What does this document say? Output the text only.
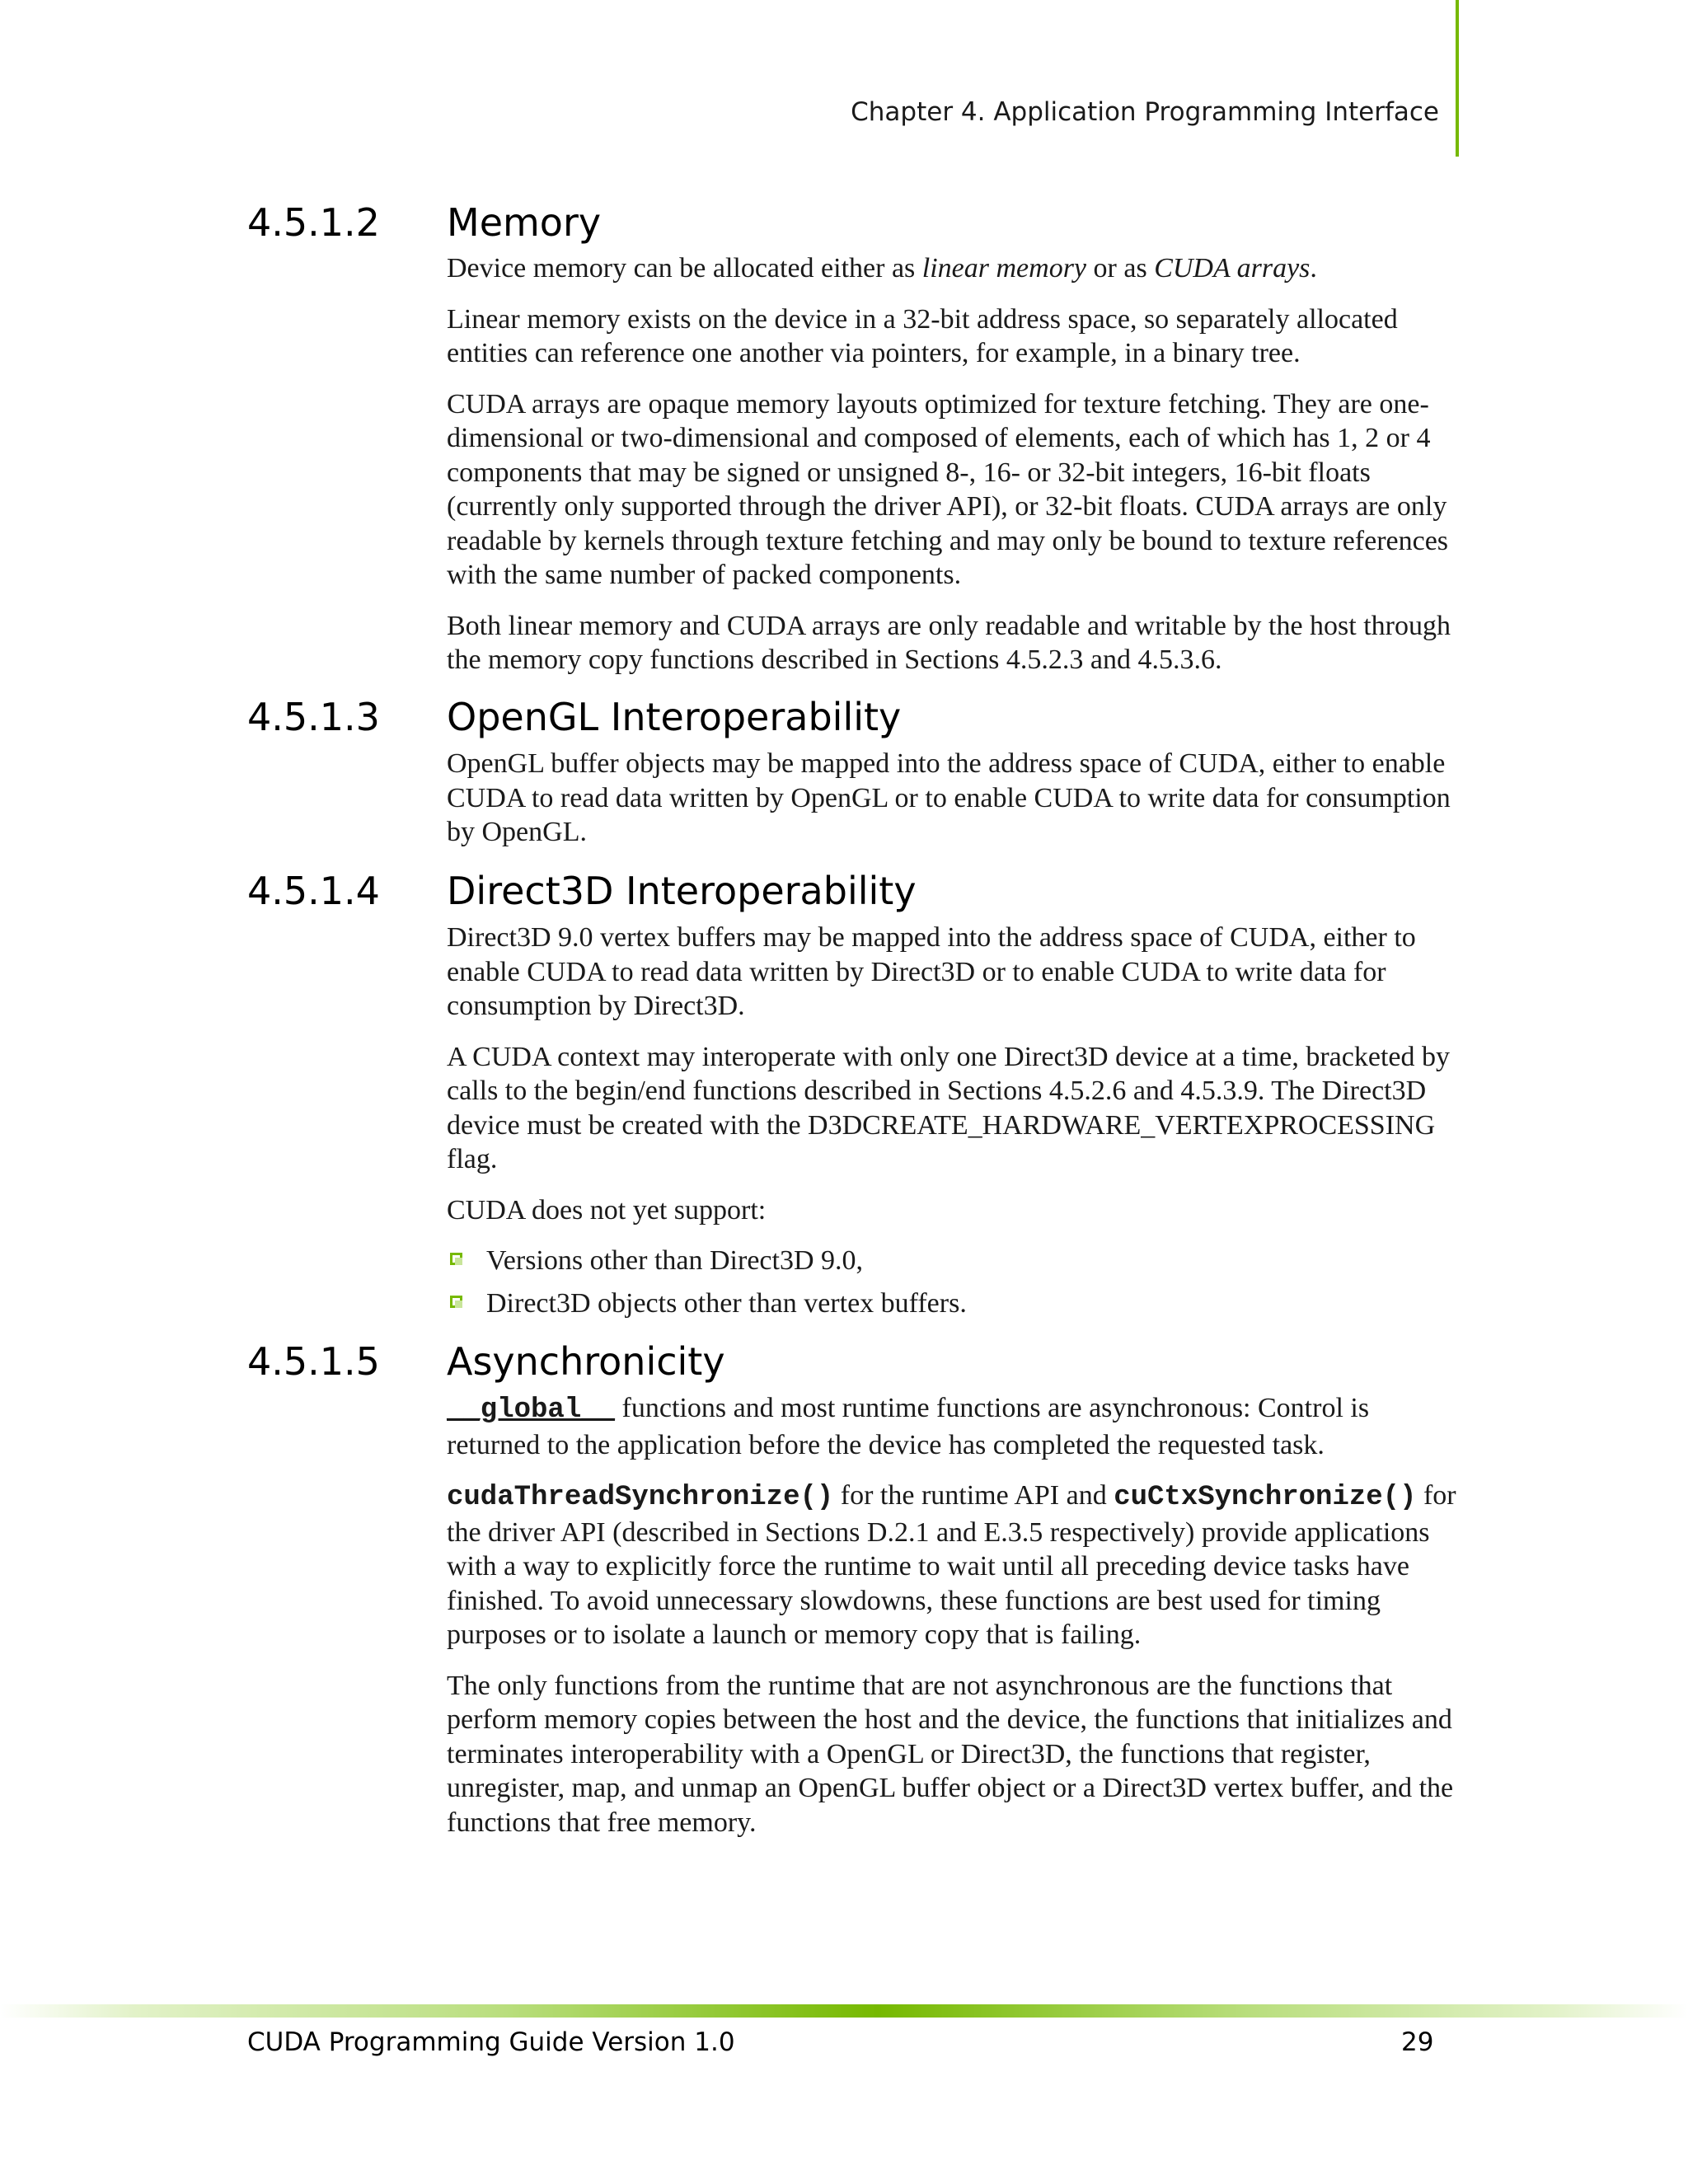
Chapter 4. Application Programming Interface
4.5.1.2 Memory

Device memory can be allocated either as linear memory or as CUDA arrays.

Linear memory exists on the device in a 32-bit address space, so separately allocated entities can reference one another via pointers, for example, in a binary tree.

CUDA arrays are opaque memory layouts optimized for texture fetching. They are one-dimensional or two-dimensional and composed of elements, each of which has 1, 2 or 4 components that may be signed or unsigned 8-, 16- or 32-bit integers, 16-bit floats (currently only supported through the driver API), or 32-bit floats. CUDA arrays are only readable by kernels through texture fetching and may only be bound to texture references with the same number of packed components.

Both linear memory and CUDA arrays are only readable and writable by the host through the memory copy functions described in Sections 4.5.2.3 and 4.5.3.6.

4.5.1.3 OpenGL Interoperability

OpenGL buffer objects may be mapped into the address space of CUDA, either to enable CUDA to read data written by OpenGL or to enable CUDA to write data for consumption by OpenGL.

4.5.1.4 Direct3D Interoperability

Direct3D 9.0 vertex buffers may be mapped into the address space of CUDA, either to enable CUDA to read data written by Direct3D or to enable CUDA to write data for consumption by Direct3D.

A CUDA context may interoperate with only one Direct3D device at a time, bracketed by calls to the begin/end functions described in Sections 4.5.2.6 and 4.5.3.9. The Direct3D device must be created with the D3DCREATE_HARDWARE_VERTEXPROCESSING flag.

CUDA does not yet support:

Versions other than Direct3D 9.0,
Direct3D objects other than vertex buffers.
4.5.1.5 Asynchronicity

__global__ functions and most runtime functions are asynchronous: Control is returned to the application before the device has completed the requested task.

cudaThreadSynchronize() for the runtime API and cuCtxSynchronize() for the driver API (described in Sections D.2.1 and E.3.5 respectively) provide applications with a way to explicitly force the runtime to wait until all preceding device tasks have finished. To avoid unnecessary slowdowns, these functions are best used for timing purposes or to isolate a launch or memory copy that is failing.

The only functions from the runtime that are not asynchronous are the functions that perform memory copies between the host and the device, the functions that initializes and terminates interoperability with a OpenGL or Direct3D, the functions that register, unregister, map, and unmap an OpenGL buffer object or a Direct3D vertex buffer, and the functions that free memory.

CUDA Programming Guide Version 1.0	29
